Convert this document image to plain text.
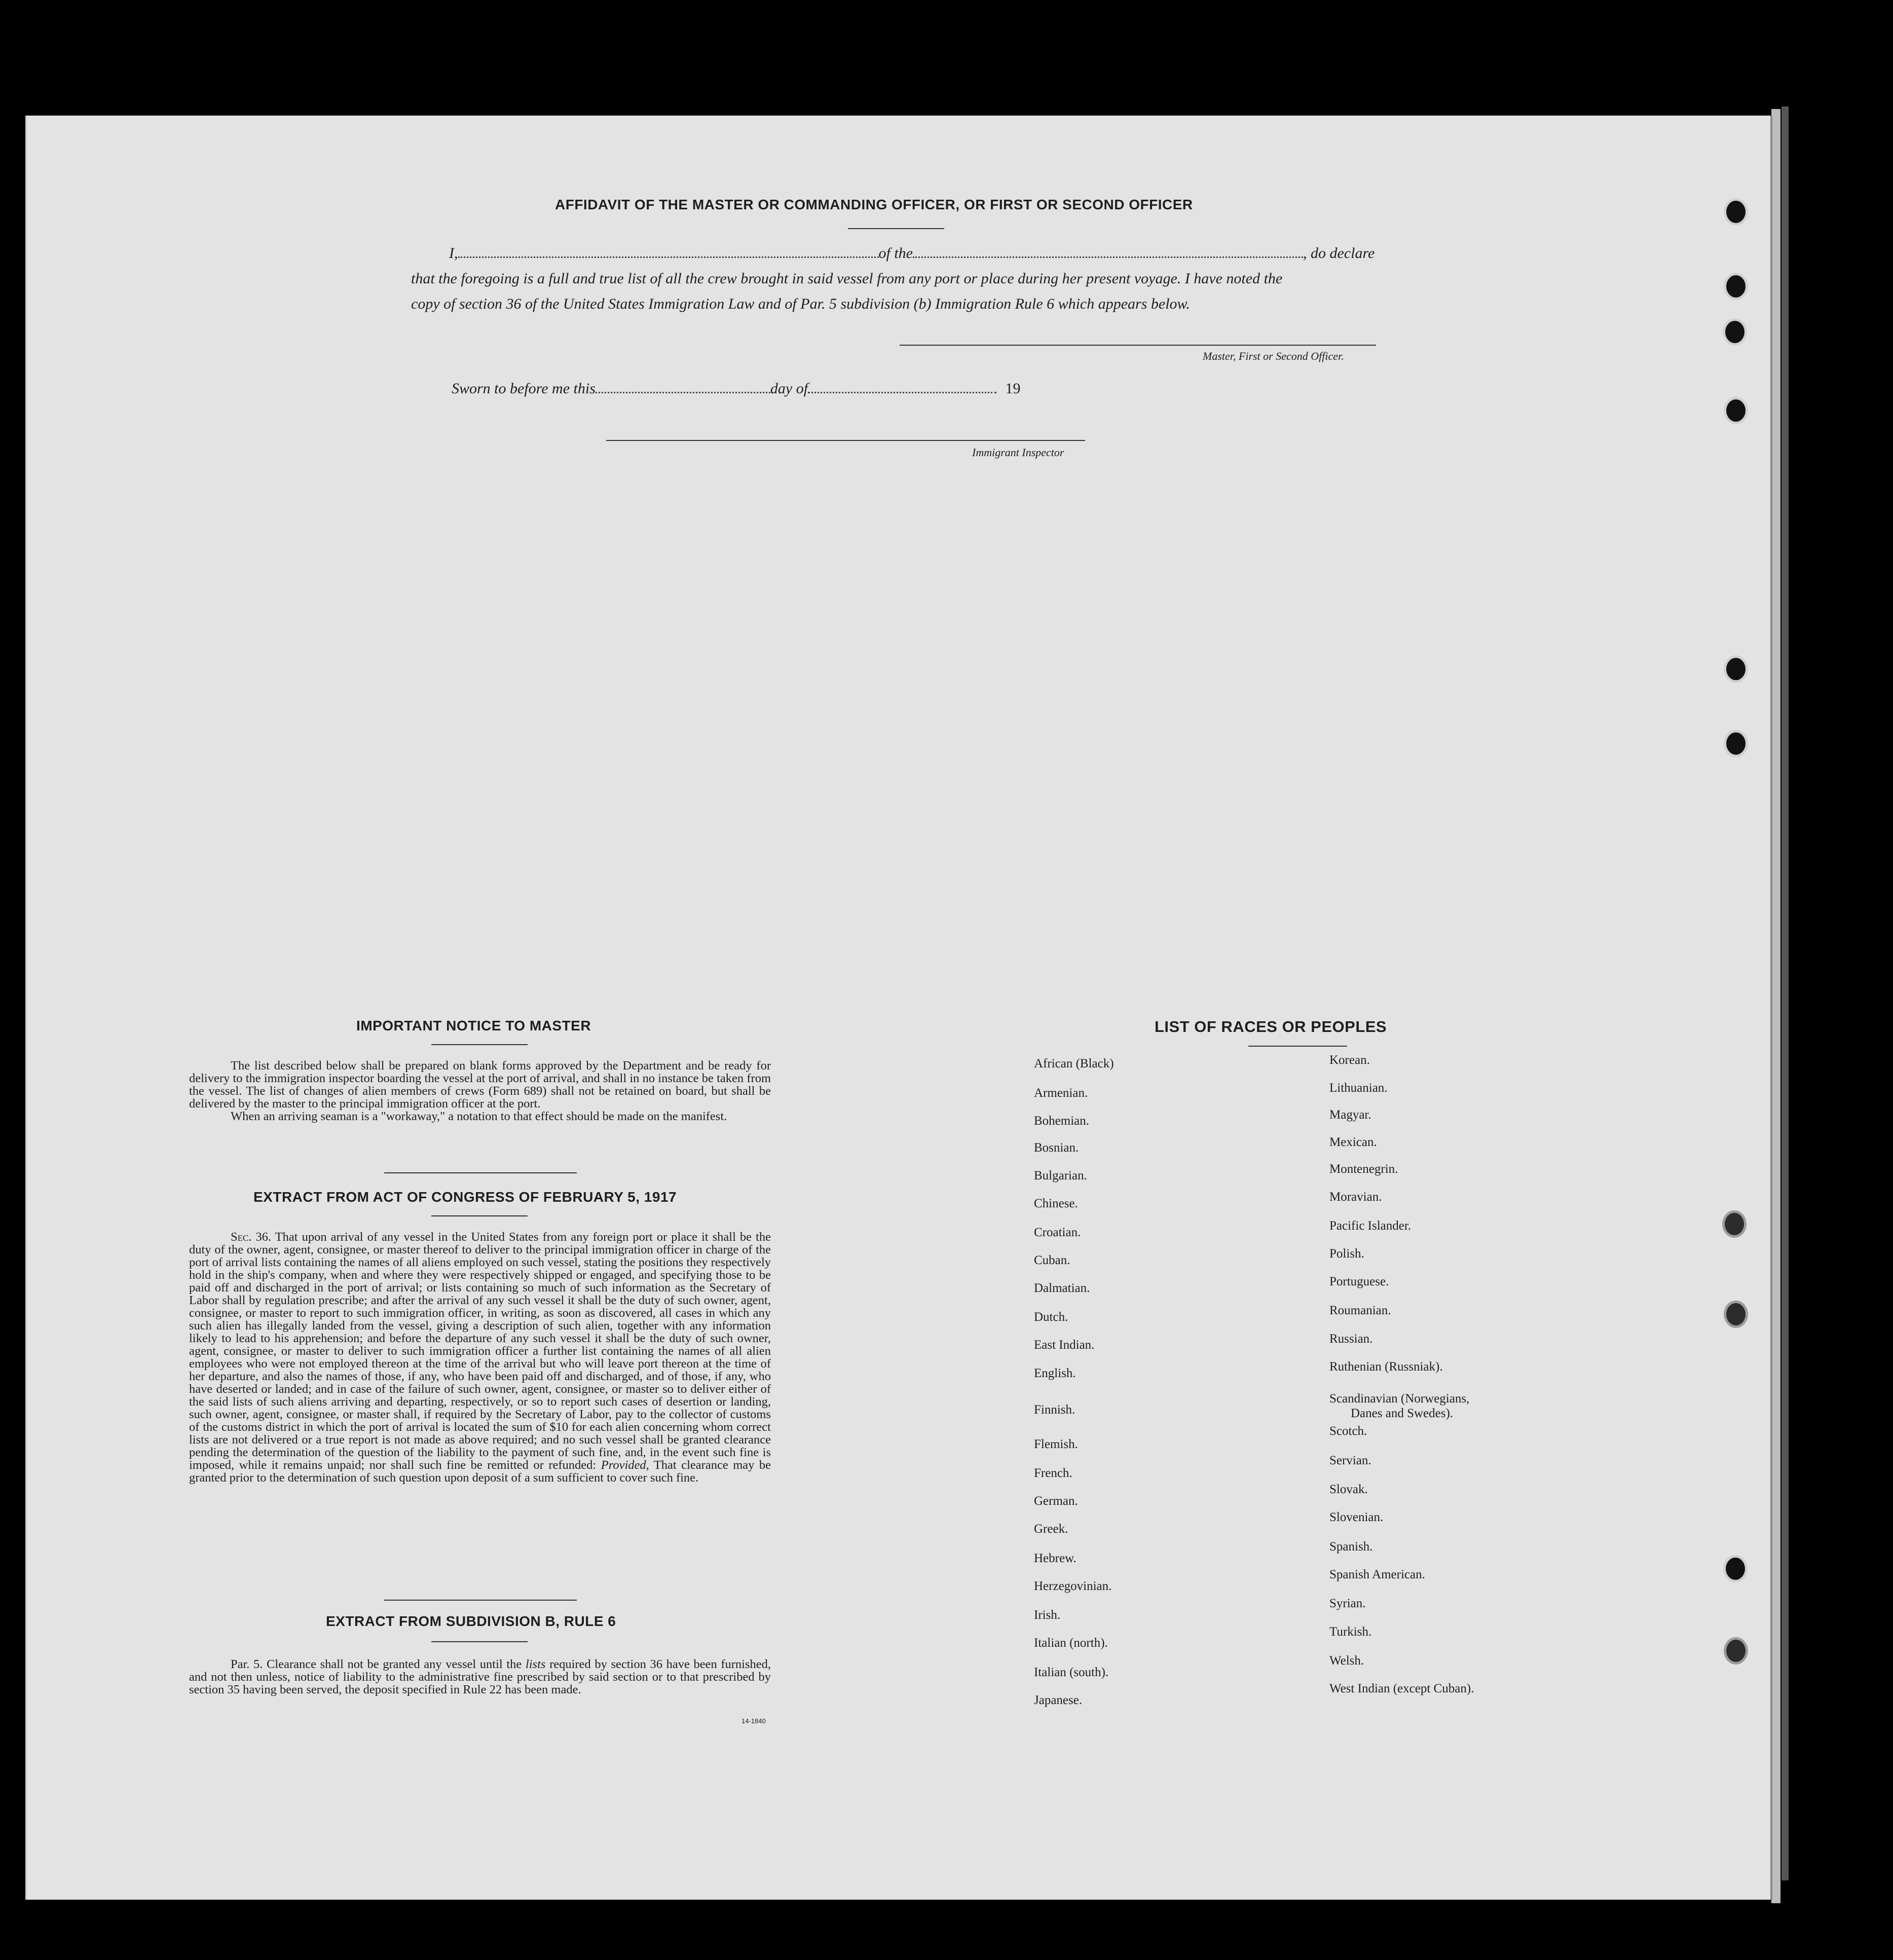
AFFIDAVIT OF THE MASTER OR COMMANDING OFFICER, OR FIRST OR SECOND OFFICER
I,	of the	, do declare
that the foregoing is a full and true list of all the crew brought in said vessel from any port or place during her present voyage. I have noted the
copy of section 36 of the United States Immigration Law and of Par. 5 subdivision (b) Immigration Rule 6 which appears below.
Master, First or Second Officer.
Sworn to before me this	day of	19
Immigrant Inspector
IMPORTANT NOTICE TO MASTER

The list described below shall be prepared on blank forms approved by the Department and be ready for delivery to the immigration inspector boarding the vessel at the port of arrival, and shall in no instance be taken from the vessel. The list of changes of alien members of crews (Form 689) shall not be retained on board, but shall be delivered by the master to the principal immigration officer at the port.

When an arriving seaman is a "workaway," a notation to that effect should be made on the manifest.

EXTRACT FROM ACT OF CONGRESS OF FEBRUARY 5, 1917

Sec. 36. That upon arrival of any vessel in the United States from any foreign port or place it shall be the duty of the owner, agent, consignee, or master thereof to deliver to the principal immigration officer in charge of the port of arrival lists containing the names of all aliens employed on such vessel, stating the positions they respectively hold in the ship's company, when and where they were respectively shipped or engaged, and specifying those to be paid off and discharged in the port of arrival; or lists containing so much of such information as the Secretary of Labor shall by regulation prescribe; and after the arrival of any such vessel it shall be the duty of such owner, agent, consignee, or master to report to such immigration officer, in writing, as soon as discovered, all cases in which any such alien has illegally landed from the vessel, giving a description of such alien, together with any information likely to lead to his apprehension; and before the departure of any such vessel it shall be the duty of such owner, agent, consignee, or master to deliver to such immigration officer a further list containing the names of all alien employees who were not employed thereon at the time of the arrival but who will leave port thereon at the time of her departure, and also the names of those, if any, who have been paid off and discharged, and of those, if any, who have deserted or landed; and in case of the failure of such owner, agent, consignee, or master so to deliver either of the said lists of such aliens arriving and departing, respectively, or so to report such cases of desertion or landing, such owner, agent, consignee, or master shall, if required by the Secretary of Labor, pay to the collector of customs of the customs district in which the port of arrival is located the sum of $10 for each alien concerning whom correct lists are not delivered or a true report is not made as above required; and no such vessel shall be granted clearance pending the determination of the question of the liability to the payment of such fine, and, in the event such fine is imposed, while it remains unpaid; nor shall such fine be remitted or refunded: Provided, That clearance may be granted prior to the determination of such question upon deposit of a sum sufficient to cover such fine.

EXTRACT FROM SUBDIVISION B, RULE 6

Par. 5. Clearance shall not be granted any vessel until the lists required by section 36 have been furnished, and not then unless, notice of liability to the administrative fine prescribed by said section or to that prescribed by section 35 having been served, the deposit specified in Rule 22 has been made.

14-1840
LIST OF RACES OR PEOPLES
Danes and Swedes).
African (Black)
Armenian.
Bohemian.
Bosnian.
Bulgarian.
Chinese.
Croatian.
Cuban.
Dalmatian.
Dutch.
East Indian.
English.
Finnish.
Flemish.
French.
German.
Greek.
Hebrew.
Herzegovinian.
Irish.
Italian (north).
Italian (south).
Japanese.
Korean.
Lithuanian.
Magyar.
Mexican.
Montenegrin.
Moravian.
Pacific Islander.
Polish.
Portuguese.
Roumanian.
Russian.
Ruthenian (Russniak).
Scandinavian (Norwegians,
Scotch.
Servian.
Slovak.
Slovenian.
Spanish.
Spanish American.
Syrian.
Turkish.
Welsh.
West Indian (except Cuban).
